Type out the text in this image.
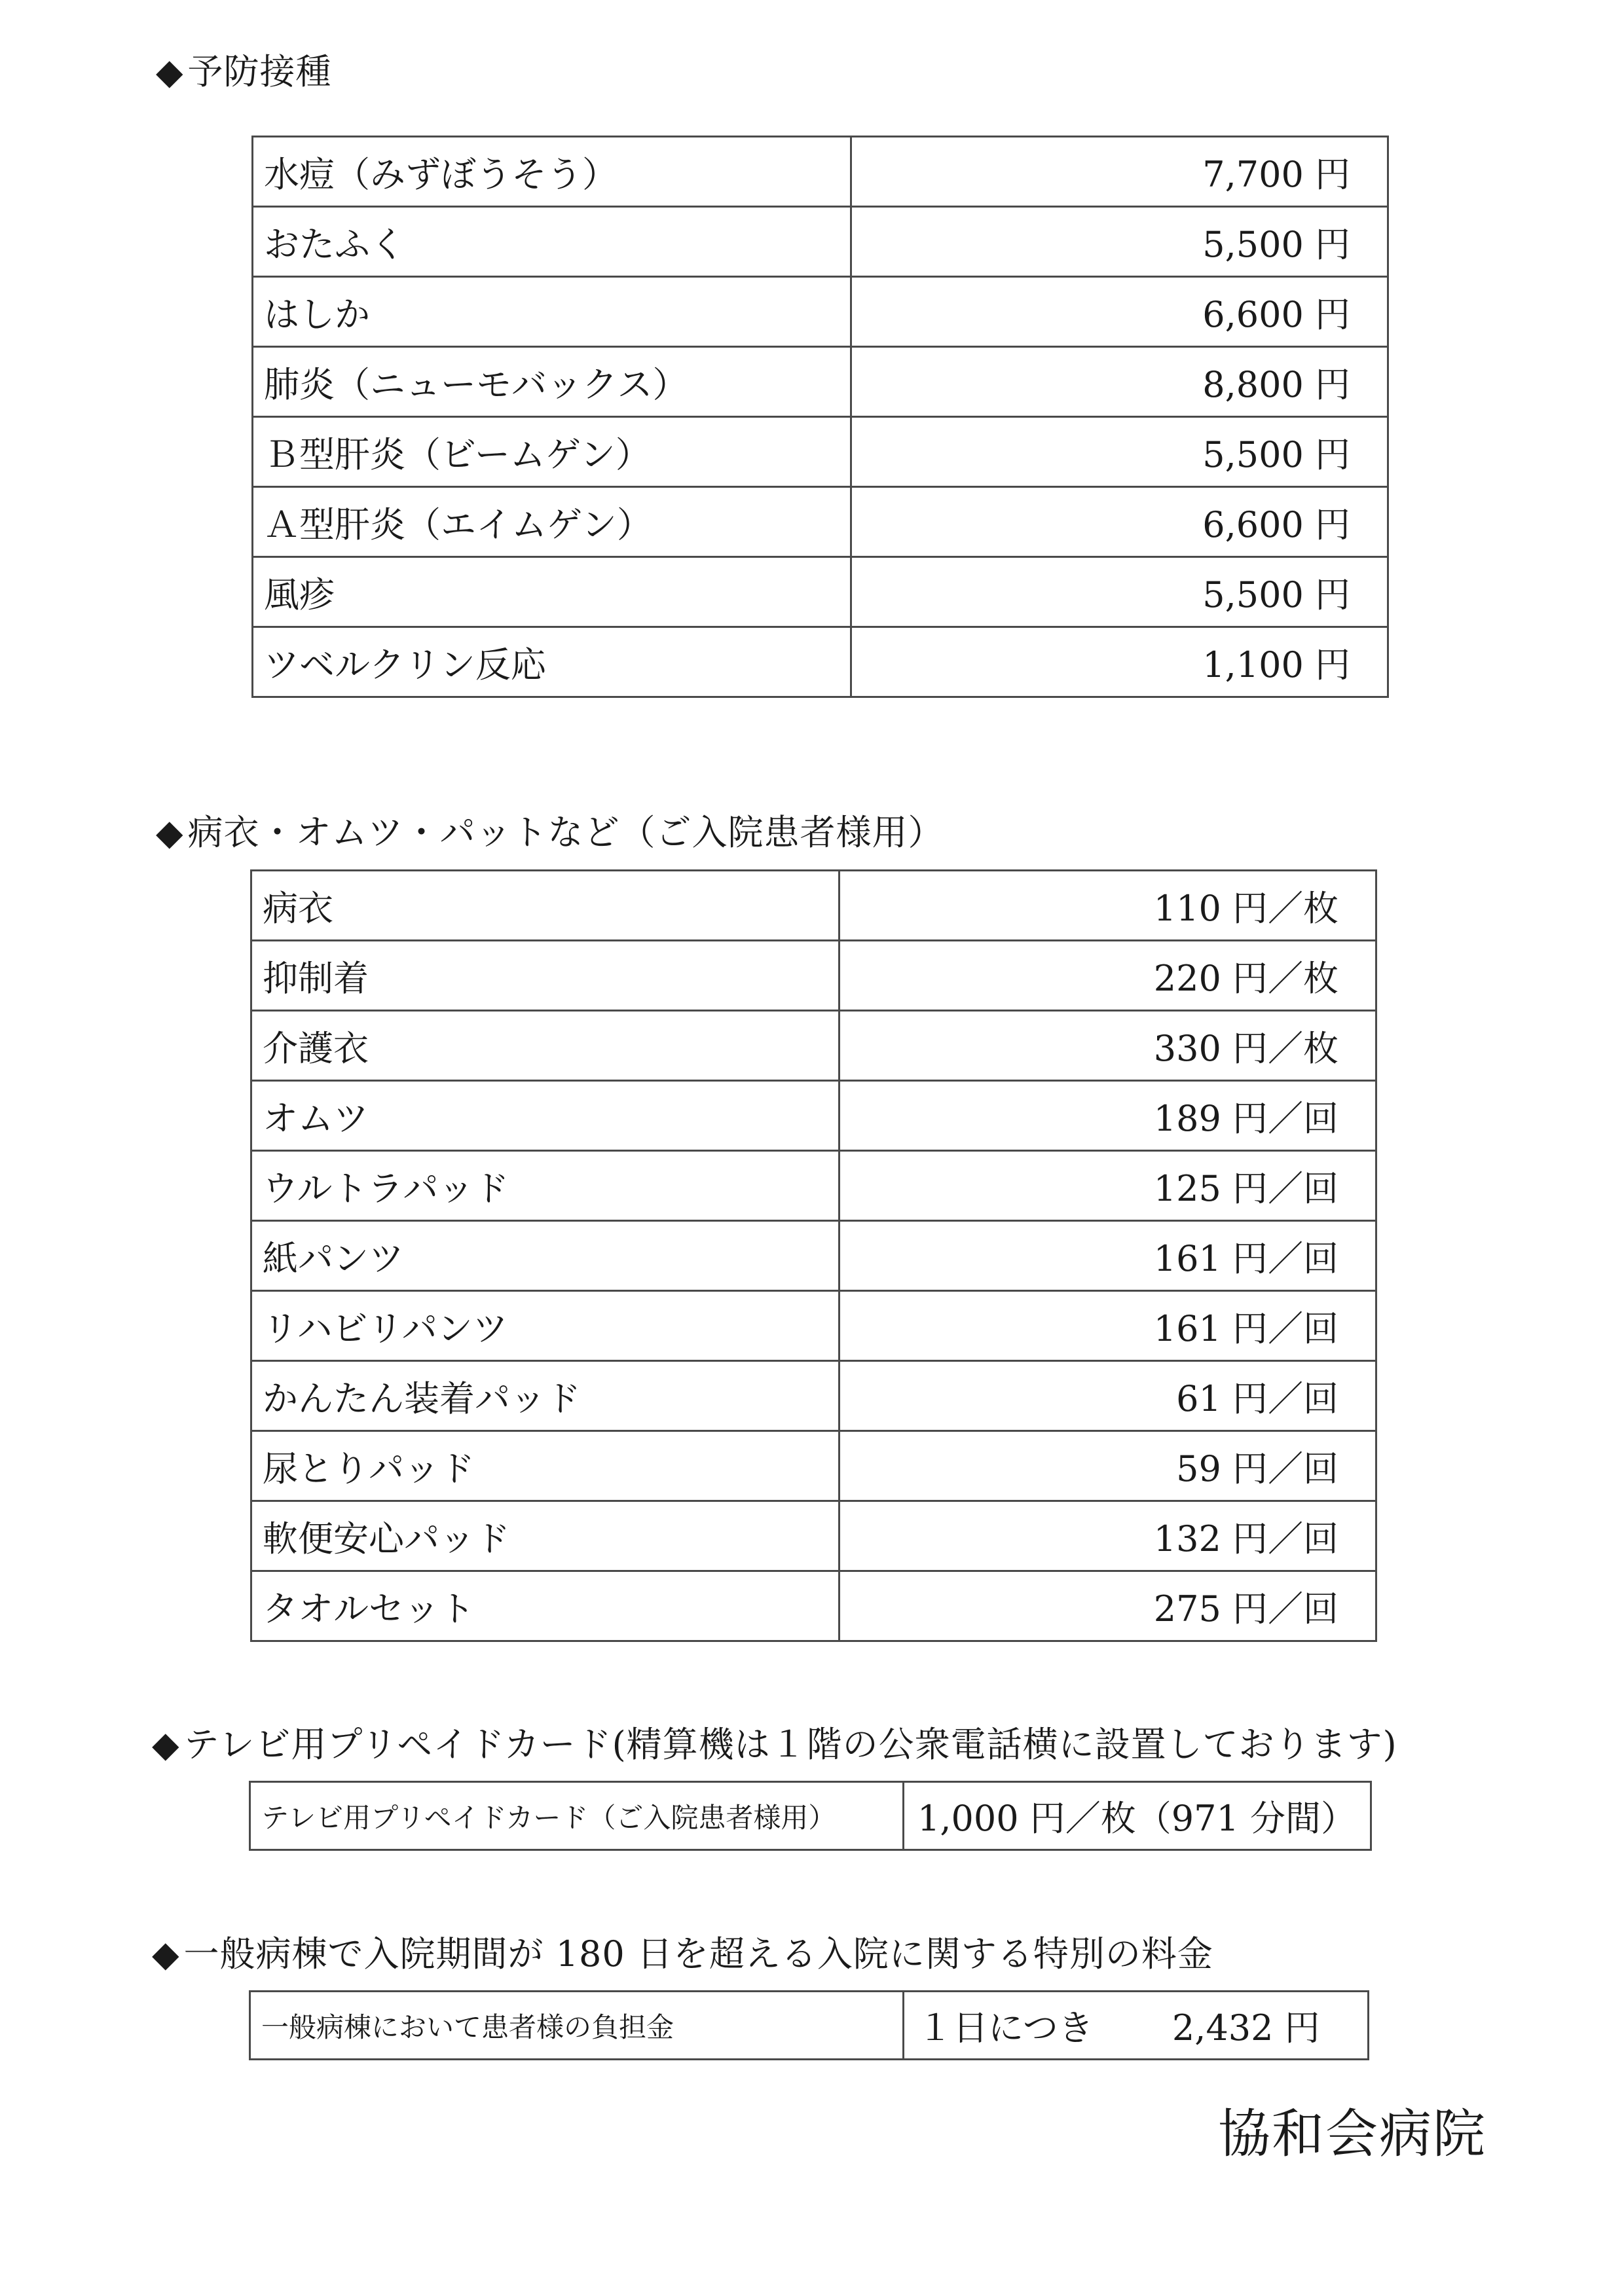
◆ 予防接種
水痘（みずぼうそう）	7,700 円
おたふく	5,500 円
はしか	6,600 円
肺炎（ニューモバックス）	8,800 円
Ｂ型肝炎（ビームゲン）	5,500 円
Ａ型肝炎（エイムゲン）	6,600 円
風疹	5,500 円
ツベルクリン反応	1,100 円
◆ 病衣・オムツ・パットなど（ご入院患者様用）
病衣	110 円／枚
抑制着	220 円／枚
介護衣	330 円／枚
オムツ	189 円／回
ウルトラパッド	125 円／回
紙パンツ	161 円／回
リハビリパンツ	161 円／回
かんたん装着パッド	61 円／回
尿とりパッド	59 円／回
軟便安心パッド	132 円／回
タオルセット	275 円／回
◆ テレビ用プリペイドカード(精算機は１階の公衆電話横に設置しております)
テレビ用プリペイドカード（ご入院患者様用）	1,000 円／枚（971 分間）
◆ 一般病棟で入院期間が 180 日を超える入院に関する特別の料金
一般病棟において患者様の負担金	１日につき 2,432 円
協和会病院
